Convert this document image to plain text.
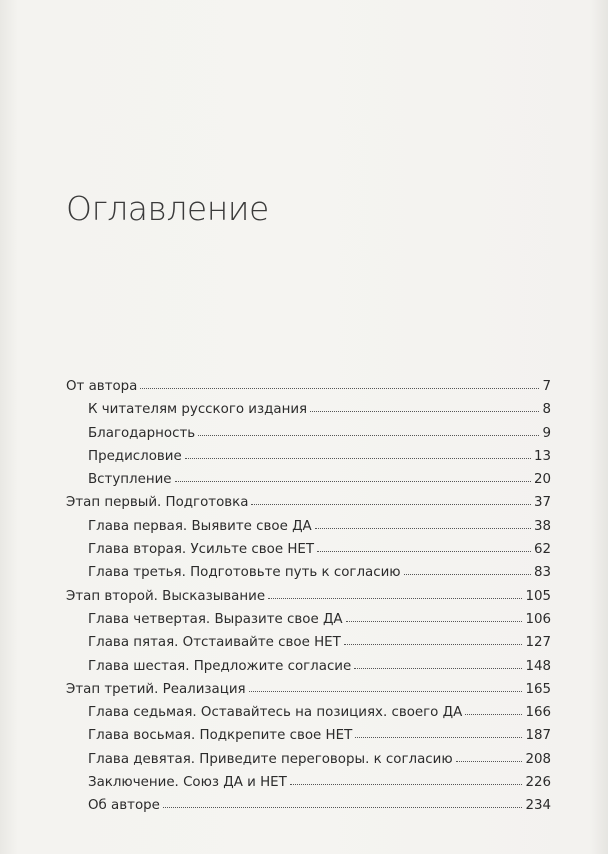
Оглавление
От автора	7
К читателям русского издания	8
Благодарность	9
Предисловие	13
Вступление	20
Этап первый. Подготовка	37
Глава первая. Выявите свое ДА	38
Глава вторая. Усильте свое НЕТ	62
Глава третья. Подготовьте путь к согласию	83
Этап второй. Высказывание	105
Глава четвертая. Выразите свое ДА	106
Глава пятая. Отстаивайте свое НЕТ	127
Глава шестая. Предложите согласие	148
Этап третий. Реализация	165
Глава седьмая. Оставайтесь на позициях. своего ДА	166
Глава восьмая. Подкрепите свое НЕТ	187
Глава девятая. Приведите переговоры. к согласию	208
Заключение. Союз ДА и НЕТ	226
Об авторе	234
